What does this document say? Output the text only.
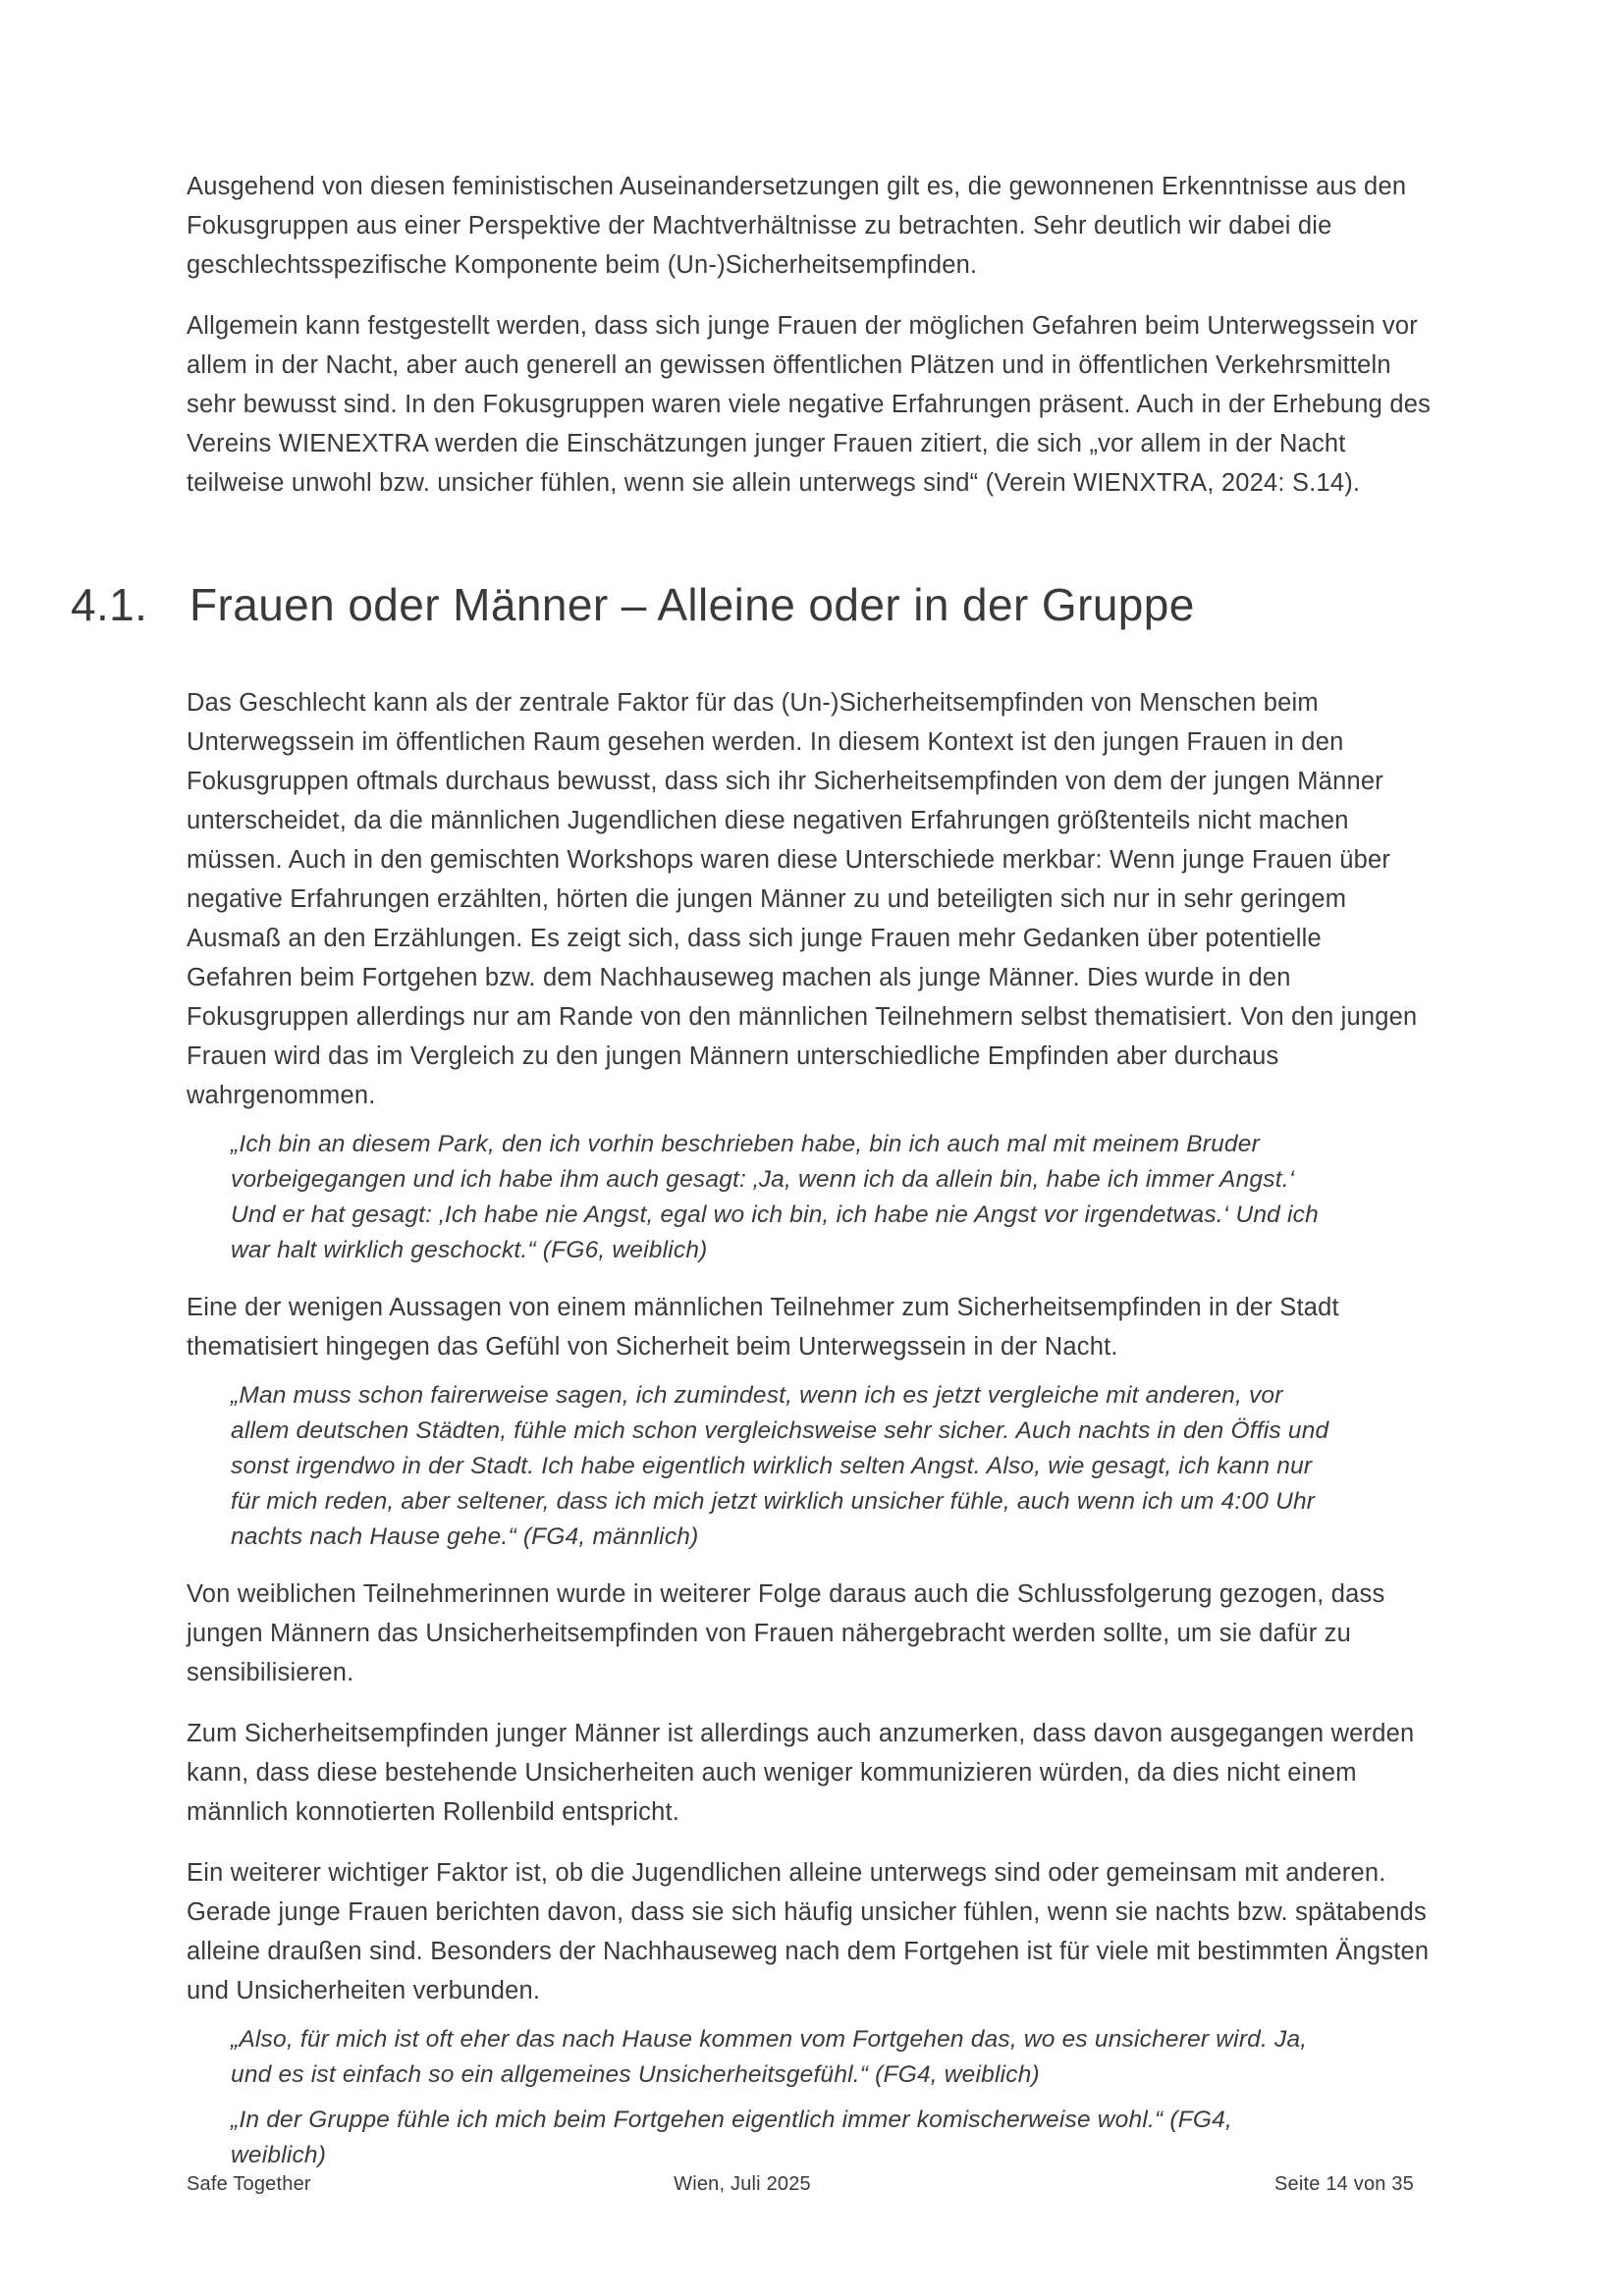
Ausgehend von diesen feministischen Auseinandersetzungen gilt es, die gewonnenen Erkenntnisse aus den Fokusgruppen aus einer Perspektive der Machtverhältnisse zu betrachten. Sehr deutlich wir dabei die geschlechtsspezifische Komponente beim (Un-)Sicherheitsempfinden.

Allgemein kann festgestellt werden, dass sich junge Frauen der möglichen Gefahren beim Unterwegssein vor allem in der Nacht, aber auch generell an gewissen öffentlichen Plätzen und in öffentlichen Verkehrsmitteln sehr bewusst sind. In den Fokusgruppen waren viele negative Erfahrungen präsent. Auch in der Erhebung des Vereins WIENEXTRA werden die Einschätzungen junger Frauen zitiert, die sich „vor allem in der Nacht teilweise unwohl bzw. unsicher fühlen, wenn sie allein unterwegs sind“ (Verein WIENXTRA, 2024: S.14).

4.1. Frauen oder Männer – Alleine oder in der Gruppe

Das Geschlecht kann als der zentrale Faktor für das (Un-)Sicherheitsempfinden von Menschen beim Unterwegssein im öffentlichen Raum gesehen werden. In diesem Kontext ist den jungen Frauen in den Fokusgruppen oftmals durchaus bewusst, dass sich ihr Sicherheitsempfinden von dem der jungen Männer unterscheidet, da die männlichen Jugendlichen diese negativen Erfahrungen größtenteils nicht machen müssen. Auch in den gemischten Workshops waren diese Unterschiede merkbar: Wenn junge Frauen über negative Erfahrungen erzählten, hörten die jungen Männer zu und beteiligten sich nur in sehr geringem Ausmaß an den Erzählungen. Es zeigt sich, dass sich junge Frauen mehr Gedanken über potentielle Gefahren beim Fortgehen bzw. dem Nachhauseweg machen als junge Männer. Dies wurde in den Fokusgruppen allerdings nur am Rande von den männlichen Teilnehmern selbst thematisiert. Von den jungen Frauen wird das im Vergleich zu den jungen Männern unterschiedliche Empfinden aber durchaus wahrgenommen.

„Ich bin an diesem Park, den ich vorhin beschrieben habe, bin ich auch mal mit meinem Bruder vorbeigegangen und ich habe ihm auch gesagt: ‚Ja, wenn ich da allein bin, habe ich immer Angst.‘ Und er hat gesagt: ‚Ich habe nie Angst, egal wo ich bin, ich habe nie Angst vor irgendetwas.‘ Und ich war halt wirklich geschockt.“ (FG6, weiblich)

Eine der wenigen Aussagen von einem männlichen Teilnehmer zum Sicherheitsempfinden in der Stadt thematisiert hingegen das Gefühl von Sicherheit beim Unterwegssein in der Nacht.

„Man muss schon fairerweise sagen, ich zumindest, wenn ich es jetzt vergleiche mit anderen, vor allem deutschen Städten, fühle mich schon vergleichsweise sehr sicher. Auch nachts in den Öffis und sonst irgendwo in der Stadt. Ich habe eigentlich wirklich selten Angst. Also, wie gesagt, ich kann nur für mich reden, aber seltener, dass ich mich jetzt wirklich unsicher fühle, auch wenn ich um 4:00 Uhr nachts nach Hause gehe.“ (FG4, männlich)

Von weiblichen Teilnehmerinnen wurde in weiterer Folge daraus auch die Schlussfolgerung gezogen, dass jungen Männern das Unsicherheitsempfinden von Frauen nähergebracht werden sollte, um sie dafür zu sensibilisieren.

Zum Sicherheitsempfinden junger Männer ist allerdings auch anzumerken, dass davon ausgegangen werden kann, dass diese bestehende Unsicherheiten auch weniger kommunizieren würden, da dies nicht einem männlich konnotierten Rollenbild entspricht.

Ein weiterer wichtiger Faktor ist, ob die Jugendlichen alleine unterwegs sind oder gemeinsam mit anderen. Gerade junge Frauen berichten davon, dass sie sich häufig unsicher fühlen, wenn sie nachts bzw. spätabends alleine draußen sind. Besonders der Nachhauseweg nach dem Fortgehen ist für viele mit bestimmten Ängsten und Unsicherheiten verbunden.

„Also, für mich ist oft eher das nach Hause kommen vom Fortgehen das, wo es unsicherer wird. Ja, und es ist einfach so ein allgemeines Unsicherheitsgefühl.“ (FG4, weiblich)
„In der Gruppe fühle ich mich beim Fortgehen eigentlich immer komischerweise wohl.“ (FG4, weiblich)
Safe Together	Wien, Juli 2025	Seite 14 von 35
